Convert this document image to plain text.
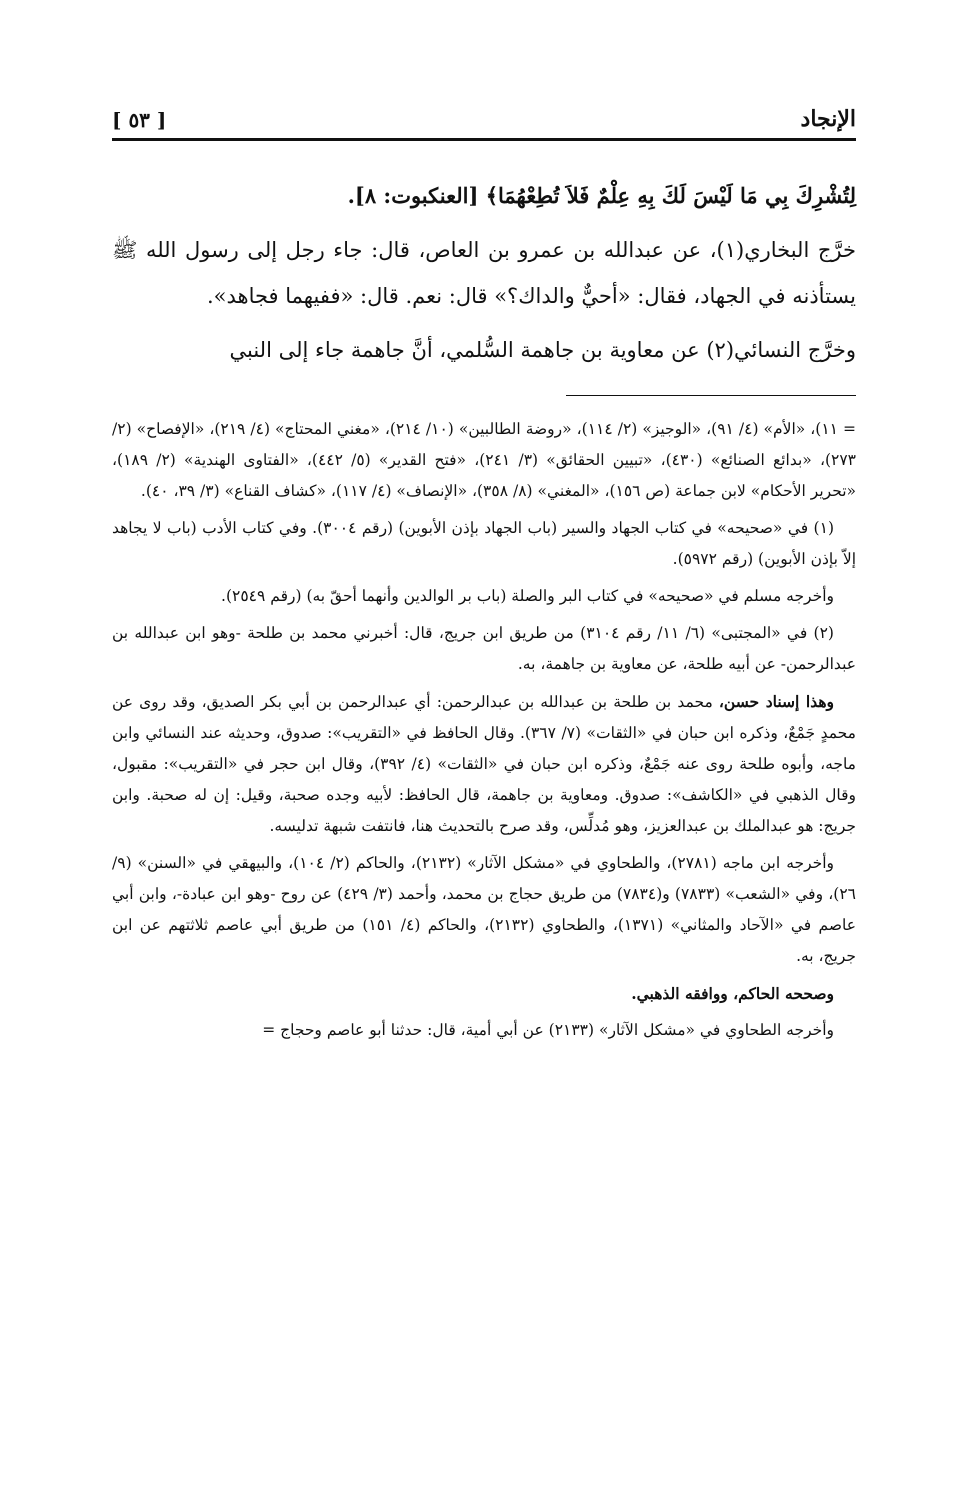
الإنجاد
[ ٥٣ ]

لِتُشْرِكَ بِي مَا لَيْسَ لَكَ بِهِ عِلْمٌ فَلاَ تُطِعْهُمَا﴾ [العنكبوت: ٨].

خرَّج البخاري(١)، عن عبدالله بن عمرو بن العاص، قال: جاء رجل إلى رسول الله ﷺ يستأذنه في الجهاد، فقال: «أحيٌّ والداك؟» قال: نعم. قال: «ففيهما فجاهد».

وخرَّج النسائي(٢) عن معاوية بن جاهمة السُّلمي، أنَّ جاهمة جاء إلى النبي

= ١١)، «الأم» (٤/ ٩١)، «الوجيز» (٢/ ١١٤)، «روضة الطالبين» (١٠/ ٢١٤)، «مغني المحتاج» (٤/ ٢١٩)، «الإفصاح» (٢/ ٢٧٣)، «بدائع الصنائع» (٤٣٠)، «تبيين الحقائق» (٣/ ٢٤١)، «فتح القدير» (٥/ ٤٤٢)، «الفتاوى الهندية» (٢/ ١٨٩)، «تحرير الأحكام» لابن جماعة (ص ١٥٦)، «المغني» (٨/ ٣٥٨)، «الإنصاف» (٤/ ١١٧)، «كشاف القناع» (٣/ ٣٩، ٤٠).

(١) في «صحيحه» في كتاب الجهاد والسير (باب الجهاد بإذن الأبوين) (رقم ٣٠٠٤). وفي كتاب الأدب (باب لا يجاهد إلاّ بإذن الأبوين) (رقم ٥٩٧٢).

وأخرجه مسلم في «صحيحه» في كتاب البر والصلة (باب بر الوالدين وأنهما أحقّ به) (رقم ٢٥٤٩).

(٢) في «المجتبى» (٦/ ١١/ رقم ٣١٠٤) من طريق ابن جريج، قال: أخبرني محمد بن طلحة -وهو ابن عبدالله بن عبدالرحمن- عن أبيه طلحة، عن معاوية بن جاهمة، به.

وهذا إسناد حسن، محمد بن طلحة بن عبدالله بن عبدالرحمن: أي عبدالرحمن بن أبي بكر الصديق، وقد روى عن محمدٍ جَمْعٌ، وذكره ابن حبان في «الثقات» (٧/ ٣٦٧). وقال الحافظ في «التقريب»: صدوق، وحديثه عند النسائي وابن ماجه، وأبوه طلحة روى عنه جَمْعٌ، وذكره ابن حبان في «الثقات» (٤/ ٣٩٢)، وقال ابن حجر في «التقريب»: مقبول، وقال الذهبي في «الكاشف»: صدوق. ومعاوية بن جاهمة، قال الحافظ: لأبيه وجده صحبة، وقيل: إن له صحبة. وابن جريج: هو عبدالملك بن عبدالعزيز، وهو مُدلِّس، وقد صرح بالتحديث هنا، فانتفت شبهة تدليسه.

وأخرجه ابن ماجه (٢٧٨١)، والطحاوي في «مشكل الآثار» (٢١٣٢)، والحاكم (٢/ ١٠٤)، والبيهقي في «السنن» (٩/ ٢٦)، وفي «الشعب» (٧٨٣٣) و(٧٨٣٤) من طريق حجاج بن محمد، وأحمد (٣/ ٤٢٩) عن روح -وهو ابن عبادة-، وابن أبي عاصم في «الآحاد والمثاني» (١٣٧١)، والطحاوي (٢١٣٢)، والحاكم (٤/ ١٥١) من طريق أبي عاصم ثلاثتهم عن ابن جريج، به.

وصححه الحاكم، ووافقه الذهبي.

وأخرجه الطحاوي في «مشكل الآثار» (٢١٣٣) عن أبي أمية، قال: حدثنا أبو عاصم وحجاج =
